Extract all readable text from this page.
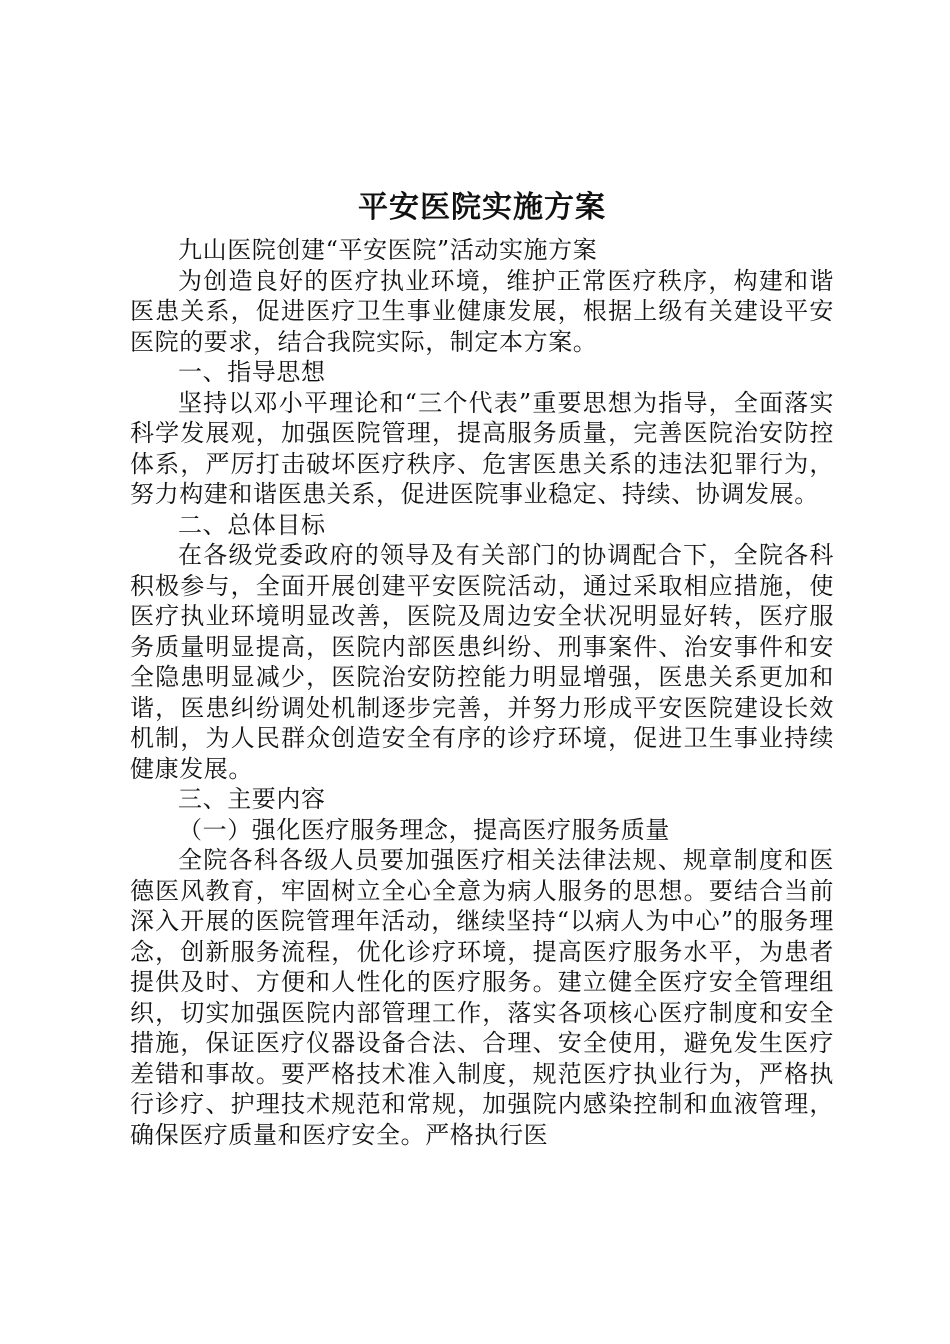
平安医院实施方案

九山医院创建“平安医院”活动实施方案

为创造良好的医疗执业环境，维护正常医疗秩序，构建和谐医患关系，促进医疗卫生事业健康发展，根据上级有关建设平安医院的要求，结合我院实际，制定本方案。

一、指导思想

坚持以邓小平理论和“三个代表”重要思想为指导，全面落实科学发展观，加强医院管理，提高服务质量，完善医院治安防控体系，严厉打击破坏医疗秩序、危害医患关系的违法犯罪行为，努力构建和谐医患关系，促进医院事业稳定、持续、协调发展。

二、总体目标

在各级党委政府的领导及有关部门的协调配合下，全院各科积极参与，全面开展创建平安医院活动，通过采取相应措施，使医疗执业环境明显改善，医院及周边安全状况明显好转，医疗服务质量明显提高，医院内部医患纠纷、刑事案件、治安事件和安全隐患明显减少，医院治安防控能力明显增强，医患关系更加和谐，医患纠纷调处机制逐步完善，并努力形成平安医院建设长效机制，为人民群众创造安全有序的诊疗环境，促进卫生事业持续健康发展。

三、主要内容

（一）强化医疗服务理念，提高医疗服务质量

全院各科各级人员要加强医疗相关法律法规、规章制度和医德医风教育，牢固树立全心全意为病人服务的思想。要结合当前深入开展的医院管理年活动，继续坚持“以病人为中心”的服务理念，创新服务流程，优化诊疗环境，提高医疗服务水平，为患者提供及时、方便和人性化的医疗服务。建立健全医疗安全管理组织，切实加强医院内部管理工作，落实各项核心医疗制度和安全措施，保证医疗仪器设备合法、合理、安全使用，避免发生医疗差错和事故。要严格技术准入制度，规范医疗执业行为，严格执行诊疗、护理技术规范和常规，加强院内感染控制和血液管理，确保医疗质量和医疗安全。严格执行医
